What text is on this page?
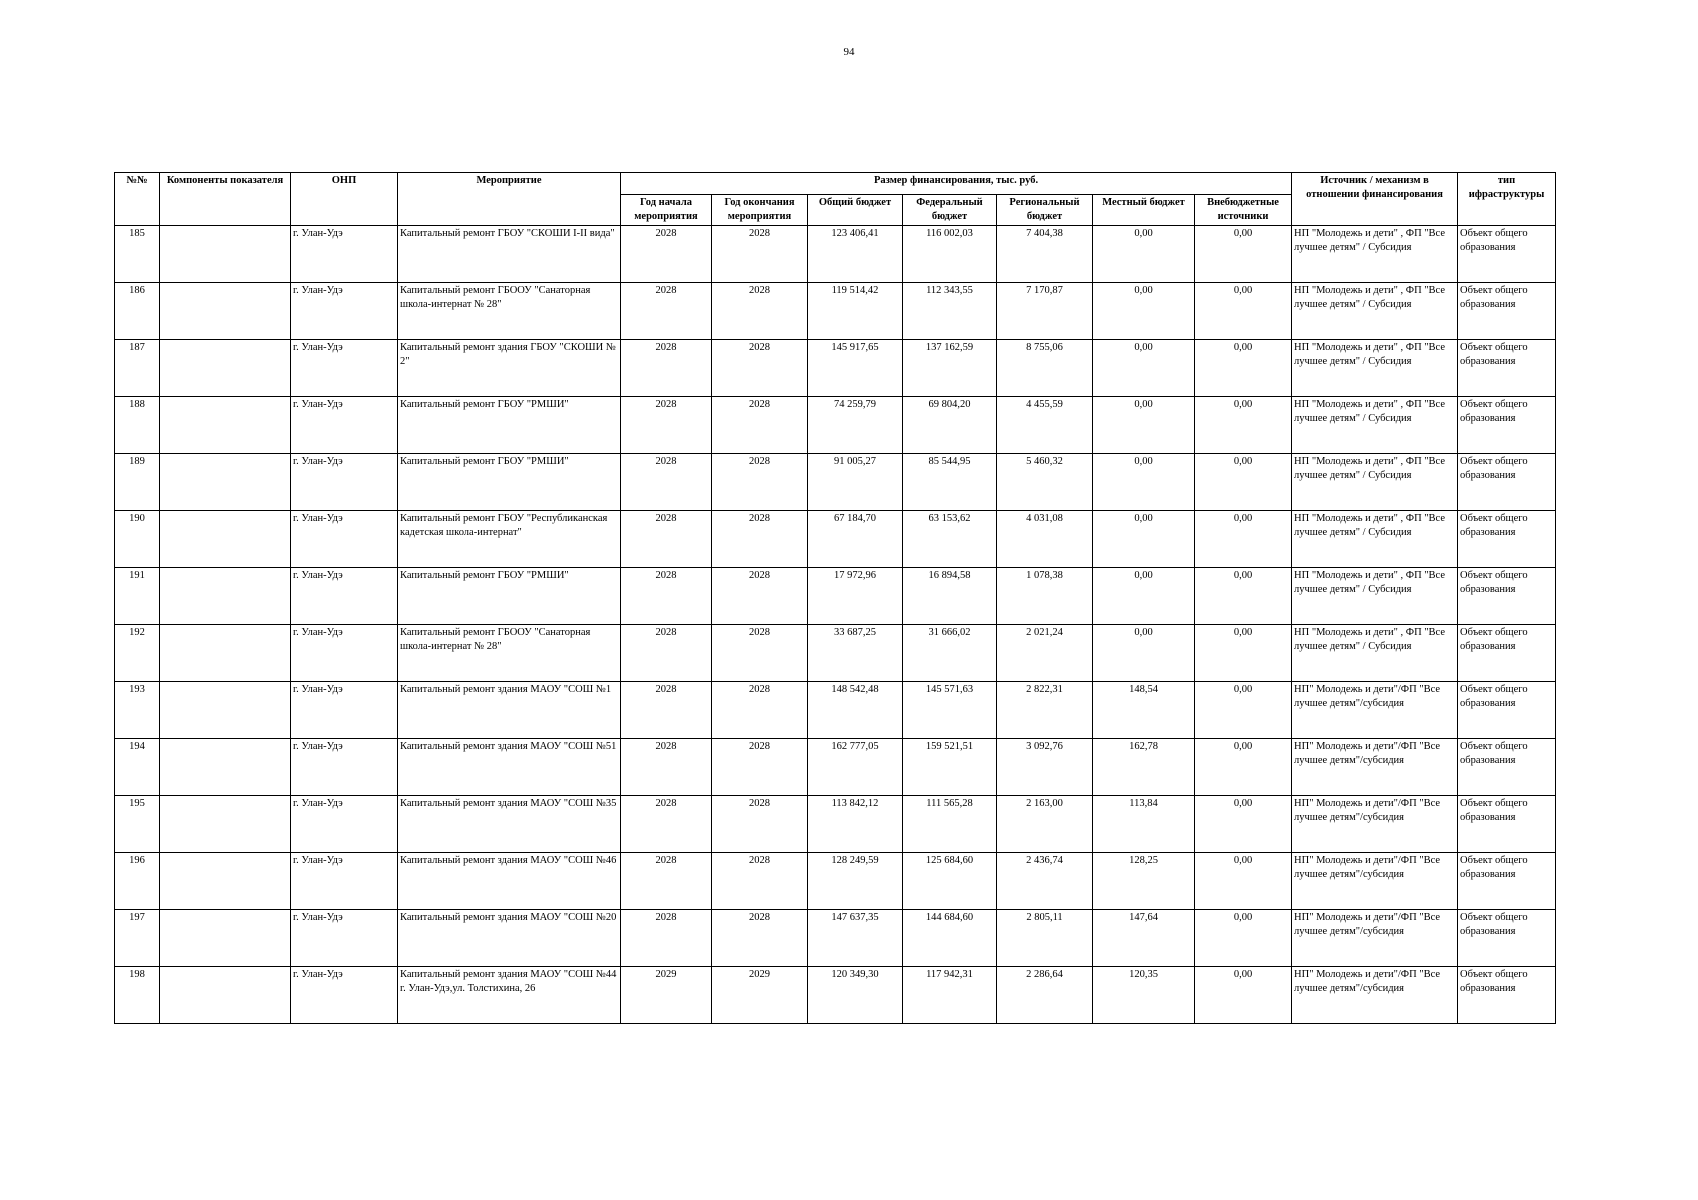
94
№№	Компоненты показателя	ОНП	Мероприятие	Размер финансирования, тыс. руб.							Источник / механизм в отношении финансирования	тип ифраструктуры
				Год начала мероприятия	Год окончания мероприятия	Общий бюджет	Федеральный бюджет	Региональный бюджет	Местный бюджет	Внебюджетные источники		
185		г. Улан-Удэ	Капитальный ремонт ГБОУ "СКОШИ I-II вида"	2028	2028	123 406,41	116 002,03	7 404,38	0,00	0,00	НП "Молодежь и дети" , ФП "Все лучшее детям" / Субсидия	Объект общего образования
186		г. Улан-Удэ	Капитальный ремонт ГБООУ "Санаторная школа-интернат № 28"	2028	2028	119 514,42	112 343,55	7 170,87	0,00	0,00	НП "Молодежь и дети" , ФП "Все лучшее детям" / Субсидия	Объект общего образования
187		г. Улан-Удэ	Капитальный ремонт здания ГБОУ "СКОШИ № 2"	2028	2028	145 917,65	137 162,59	8 755,06	0,00	0,00	НП "Молодежь и дети" , ФП "Все лучшее детям" / Субсидия	Объект общего образования
188		г. Улан-Удэ	Капитальный ремонт ГБОУ "РМШИ"	2028	2028	74 259,79	69 804,20	4 455,59	0,00	0,00	НП "Молодежь и дети" , ФП "Все лучшее детям" / Субсидия	Объект общего образования
189		г. Улан-Удэ	Капитальный ремонт ГБОУ "РМШИ"	2028	2028	91 005,27	85 544,95	5 460,32	0,00	0,00	НП "Молодежь и дети" , ФП "Все лучшее детям" / Субсидия	Объект общего образования
190		г. Улан-Удэ	Капитальный ремонт ГБОУ "Республиканская кадетская школа-интернат"	2028	2028	67 184,70	63 153,62	4 031,08	0,00	0,00	НП "Молодежь и дети" , ФП "Все лучшее детям" / Субсидия	Объект общего образования
191		г. Улан-Удэ	Капитальный ремонт ГБОУ "РМШИ"	2028	2028	17 972,96	16 894,58	1 078,38	0,00	0,00	НП "Молодежь и дети" , ФП "Все лучшее детям" / Субсидия	Объект общего образования
192		г. Улан-Удэ	Капитальный ремонт ГБООУ "Санаторная школа-интернат № 28"	2028	2028	33 687,25	31 666,02	2 021,24	0,00	0,00	НП "Молодежь и дети" , ФП "Все лучшее детям" / Субсидия	Объект общего образования
193		г. Улан-Удэ	Капитальный ремонт здания МАОУ "СОШ №1	2028	2028	148 542,48	145 571,63	2 822,31	148,54	0,00	НП" Молодежь и дети"/ФП "Все лучшее детям"/субсидия	Объект общего образования
194		г. Улан-Удэ	Капитальный ремонт здания МАОУ "СОШ №51	2028	2028	162 777,05	159 521,51	3 092,76	162,78	0,00	НП" Молодежь и дети"/ФП "Все лучшее детям"/субсидия	Объект общего образования
195		г. Улан-Удэ	Капитальный ремонт здания МАОУ "СОШ №35	2028	2028	113 842,12	111 565,28	2 163,00	113,84	0,00	НП" Молодежь и дети"/ФП "Все лучшее детям"/субсидия	Объект общего образования
196		г. Улан-Удэ	Капитальный ремонт здания МАОУ "СОШ №46	2028	2028	128 249,59	125 684,60	2 436,74	128,25	0,00	НП" Молодежь и дети"/ФП "Все лучшее детям"/субсидия	Объект общего образования
197		г. Улан-Удэ	Капитальный ремонт здания МАОУ "СОШ №20	2028	2028	147 637,35	144 684,60	2 805,11	147,64	0,00	НП" Молодежь и дети"/ФП "Все лучшее детям"/субсидия	Объект общего образования
198		г. Улан-Удэ	Капитальный ремонт здания МАОУ "СОШ №44 г. Улан-Удэ,ул. Толстихина, 26	2029	2029	120 349,30	117 942,31	2 286,64	120,35	0,00	НП" Молодежь и дети"/ФП "Все лучшее детям"/субсидия	Объект общего образования
